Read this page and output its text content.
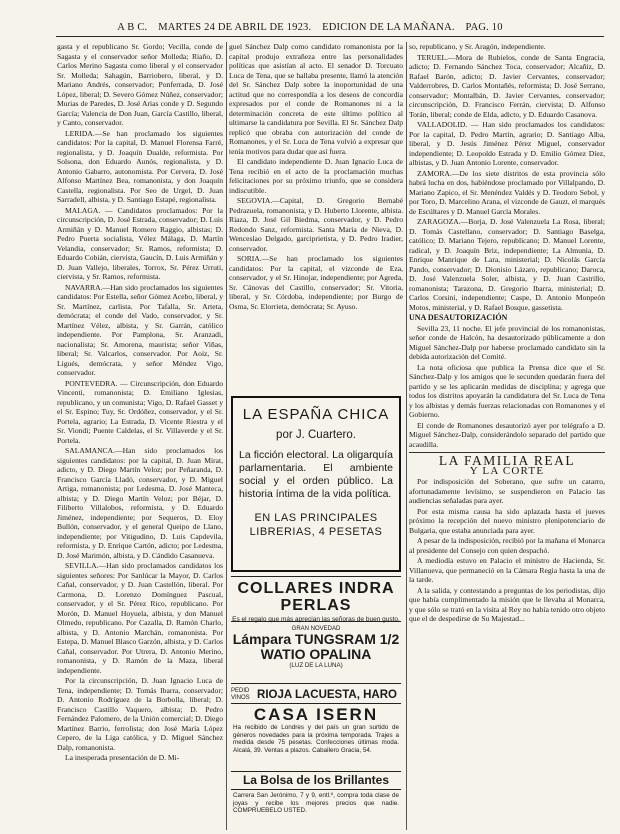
A B C. MARTES 24 DE ABRIL DE 1923. EDICION DE LA MAÑANA. PAG. 10

gasta y el republicano Sr. Gordo; Vecilla, conde de Sagasta y el conservador señor Molleda; Riaño, D. Carlos Merino Sagasta como liberal y el conservador Sr. Molleda; Sahagún, Barriobero, liberal, y D. Mariano Andrés, conservador; Ponferrada, D. José López, liberal; D. Severo Gómez Núñez, conservador; Murias de Paredes, D. José Arias conde y D. Segundo García; Valencia de Don Juan, García Castillo, liberal, y Canto, conservador.

LERIDA.—Se han proclamado los siguientes candidatos: Por la capital, D. Manuel Florensa Farré, regionalista, y D. Joaquín Dualde, reformista. Por Solsona, don Eduardo Aunós, regionalista, y D. Antonio Gabarro, autonomista. Por Cervera, D. José Alfonso Martínez Bea, romanonista, y don Joaquín Castella, regionalista. Por Seo de Urgel, D. Juan Sarradell, albista, y D. Santiago Estapé, regionalista.

MALAGA. — Candidatos proclamados: Por la circunscripción, D. José Estrada, conservador; D. Luis Armiñán y D. Manuel Romero Raggio, albistas; D. Pedro Puerta socialista, Vélez Málaga, D. Martín Velandia, conservador; Sr. Ramos, reformista; D. Eduardo Cobián, ciervista, Gaucín, D. Luis Armiñán y D. Juan Vallejo, liberales, Torrox, Sr. Pérez Urruti, ciervista, y Sr. Ramos, reformista.

NAVARRA.—Han sido proclamados los siguientes candidatos: Por Estella, señor Gómez Acebo, liberal, y Sr. Martínez, carlista. Por Tafalla, Sr. Arteta, demócrata; el conde del Vado, conservador, y Sr. Martínez Vélez, albista, y Sr. Garrán, católico independiente. Por Pamplona, Sr. Aranzadi, nacionalista; Sr. Amorena, maurista; señor Viñas, liberal; Sr. Valcarlos, conservador. Por Aoiz, Sr. Ligués, demócrata, y señor Méndez Vigo, conservador.

PONTEVEDRA. — Circunscripción, don Eduardo Vincenti, romanonista; D. Emiliano Iglesias, republicano, y un comunista; Vigo, D. Rafael Gasset y el Sr. Espino; Tuy, Sr. Ordóñez, conservador, y el Sr. Portela, agrario; La Estrada, D. Vicente Riestra y el Sr. Viondi; Puente Caldelas, el Sr. Villaverde y el Sr. Portela.

SALAMANCA.—Han sido proclamados los siguientes candidatos: por la capital, D. Juan Mirat, adicto, y D. Diego Martín Veloz; por Peñaranda, D. Francisco García Lladó, conservador, y D. Miguel Artiga, romanonista; por Ledesma, D. José Manteca, albista; y D. Diego Martín Veloz; por Béjar, D. Filiberto Villalobos, reformista, y D. Eduardo Jiménez, independiente; por Sequeros, D. Eloy Bullón, conservador, y el general Queipo de Llano, independiente; por Vitigudino, D. Luis Capdevila, reformista, y D. Enrique Cartón, adicto; por Ledesma, D. José Marimón, albista, y D. Cándido Casanueva.

SEVILLA.—Han sido proclamados candidatos los siguientes señores: Por Sanlúcar la Mayor, D. Carlos Cañal, conservador, y D. Juan Castellón, liberal. Por Carmona, D. Lorenzo Domínguez Pascual, conservador, y el Sr. Pérez Rico, republicano. Por Morón, D. Manuel Hoyuela, albista, y don Manuel Olmedo, republicano. Por Cazalla, D. Ramón Charlo, albista, y D. Antonio Marchán, romanonista. Por Estepa, D. Manuel Blasco Garzón, albista, y D. Carlos Cañal, conservador. Por Utrera, D. Antonio Merino, romanonista, y D. Ramón de la Maza, liberal independiente.

Por la circunscripción, D. Juan Ignacio Luca de Tena, independiente; D. Tomás Ibarra, conservador; D. Antonio Rodríguez de la Borbolla, liberal; D. Francisco Castillo Vaquero, albista; D. Pedro Fernández Palomero, de la Unión comercial; D. Diego Martínez Barrio, ferrolista; don José María López Cepero, de la Liga católica, y D. Miguel Sánchez Dalp, romanonista.

La inesperada presentación de D. Mi-

guel Sánchez Dalp como candidato romanonista por la capital produjo extrañeza entre las personalidades políticas que asistían al acto. El senador D. Torcuato Luca de Tena, que se hallaba presente, llamó la atención del Sr. Sánchez Dalp sobre la inoportunidad de una actitud que no correspondía a los deseos de concordia expresados por el conde de Romanones ni a la determinación concreta de este último político al ultimarse la candidatura por Sevilla. El Sr. Sánchez Dalp replicó que obraba con autorización del conde de Romanones, y el Sr. Luca de Tena volvió a expresar que tenía motivos para dudar que así fuera.

El candidato independiente D. Juan Ignacio Luca de Tena recibió en el acto de la proclamación muchas felicitaciones por su próximo triunfo, que se considera indiscutible.

SEGOVIA.—Capital, D. Gregorio Bernabé Pedrazuela, romanonista, y D. Huberto Llorente, albista. Riaza, D. José Gil Biedma, conservador, y D. Pedro Redondo Sanz, reformista. Santa María de Nieva, D. Wenceslao Delgado, garciprietista, y D. Pedro Iradier, conservador.

SORIA.—Se han proclamado los siguientes candidatos: Por la capital, el vizconde de Eza, conservador, y el Sr. Hinojar, independiente; por Agreda, Sr. Cánovas del Castillo, conservador; Sr. Vitoria, liberal, y Sr. Córdoba, independiente; por Burgo de Osma, Sr. Elorrieta, demócrata; Sr. Ayuso.

LA ESPAÑA CHICA
por J. Cuartero.
La ficción electoral. La oligarquía parlamentaria. El ambiente social y el orden público. La historia íntima de la vida política.
EN LAS PRINCIPALES LIBRERIAS, 4 PESETAS
COLLARES INDRA PERLAS
Es el regalo que más aprecian las señoras de buen gusto.
GRAN NOVEDAD
Lámpara TUNGSRAM 1/2 WATIO OPALINA
(LUZ DE LA LUNA)
PEDID VINOS RIOJA LACUESTA, HARO
CASA ISERN
Ha recibido de Londres y del país un gran surtido de géneros novedades para la próxima temporada. Trajes a medida desde 75 pesetas. Confecciones últimas moda. Alcalá, 39. Ventas a plazos. Caballero Gracia, 54.
La Bolsa de los Brillantes
Carrera San Jerónimo, 7 y 9, entl.º, compra toda clase de joyas y recibe los mejores precios que nadie. COMPRUEBELO USTED.

so, republicano, y Sr. Aragón, independiente.

TERUEL.—Mora de Rubielos, conde de Santa Engracia, adicto; D. Fernando Sánchez Toca, conservador; Alcañiz, D. Rafael Barón, adicto; D. Javier Cervantes, conservador; Valderrobres, D. Carlos Montañés, reformista; D. José Serrano, conservador; Montalbán, D. Javier Cervantes, conservador; circunscripción, D. Francisco Ferrán, ciervista; D. Alfonso Torán, liberal; conde de Elda, adicto, y D. Eduardo Casanova.

VALLADOLID. — Han sido proclamados los candidatos: Por la capital, D. Pedro Martín, agrario; D. Santiago Alba, liberal, y D. Jesús Jiménez Pérez Miguel, conservador independiente; D. Leopoldo Estrada y D. Emilio Gómez Díez, albistas, y D. Juan Antonio Lorente, conservador.

ZAMORA.—De los siete distritos de esta provincia sólo habrá lucha en dos, habiéndose proclamado por Villalpando, D. Mariano Zapico, el Sr. Menéndez Valdés y D. Teodoro Sebol, y por Toro, D. Marcelino Arana, el vizconde de Gauzt, el marqués de Escúltares y D. Manuel García Morales.

ZARAGOZA.—Borja, D. José Valenzuela La Rosa, liberal; D. Tomás Castellano, conservador; D. Santiago Baselga, católico; D. Mariano Tejero, republicano; D. Manuel Lorente, radical, y D. Joaquín Briz, independiente; La Almunia, D. Enrique Manrique de Lara, ministerial; D. Nicolás García Pando, conservador; D. Dionisio Lázaro, republicano; Daroca, D. José Valenzuela Soler, albista, y D. Juan Castrillo, romanonista; Tarazona, D. Gregorio Ibarra, ministerial; D. Carlos Corsini, independiente; Caspe, D. Antonio Monpeón Motos, ministerial, y D. Rafael Bosque, gassetista.

UNA DESAUTORIZACIÓN

Sevilla 23, 11 noche. El jefe provincial de los romanonistas, señor conde de Halcón, ha desautorizado públicamente a don Miguel Sánchez-Dalp por haberse proclamado candidato sin la debida autorización del Comité.

La nota oficiosa que publica la Prensa dice que el Sr. Sánchez-Dalp y los amigos que le secunden quedarán fuera del partido y se les aplicarán medidas de disciplina; y agrega que todos los distritos apoyarán la candidatura del Sr. Luca de Tena y los albistas y demás fuerzas relacionadas con Romanones y el Gobierno.

El conde de Romanones desautorizó ayer por telégrafo a D. Miguel Sánchez-Dalp, considerándolo separado del partido que acaudilla.

LA FAMILIA REAL

Y LA CORTE

Por indisposición del Soberano, que sufre un catarro, afortunadamente levísimo, se suspendieron en Palacio las audiencias señaladas para ayer.

Por esta misma causa ha sido aplazada hasta el jueves próximo la recepción del nuevo ministro plenipotenciario de Bulgaria, que estaba anunciada para ayer.

A pesar de la indisposición, recibió por la mañana el Monarca al presidente del Consejo con quien despachó.

A mediodía estuvo en Palacio el ministro de Hacienda, Sr. Villanueva, que permaneció en la Cámara Regia hasta la una de la tarde.

A la salida, y contestando a preguntas de los periodistas, dijo que había cumplimentado la misión que le llevaba al Monarca, y que sólo se trató en la visita al Rey no había tenido otro objeto que el de despedirse de Su Majestad...
